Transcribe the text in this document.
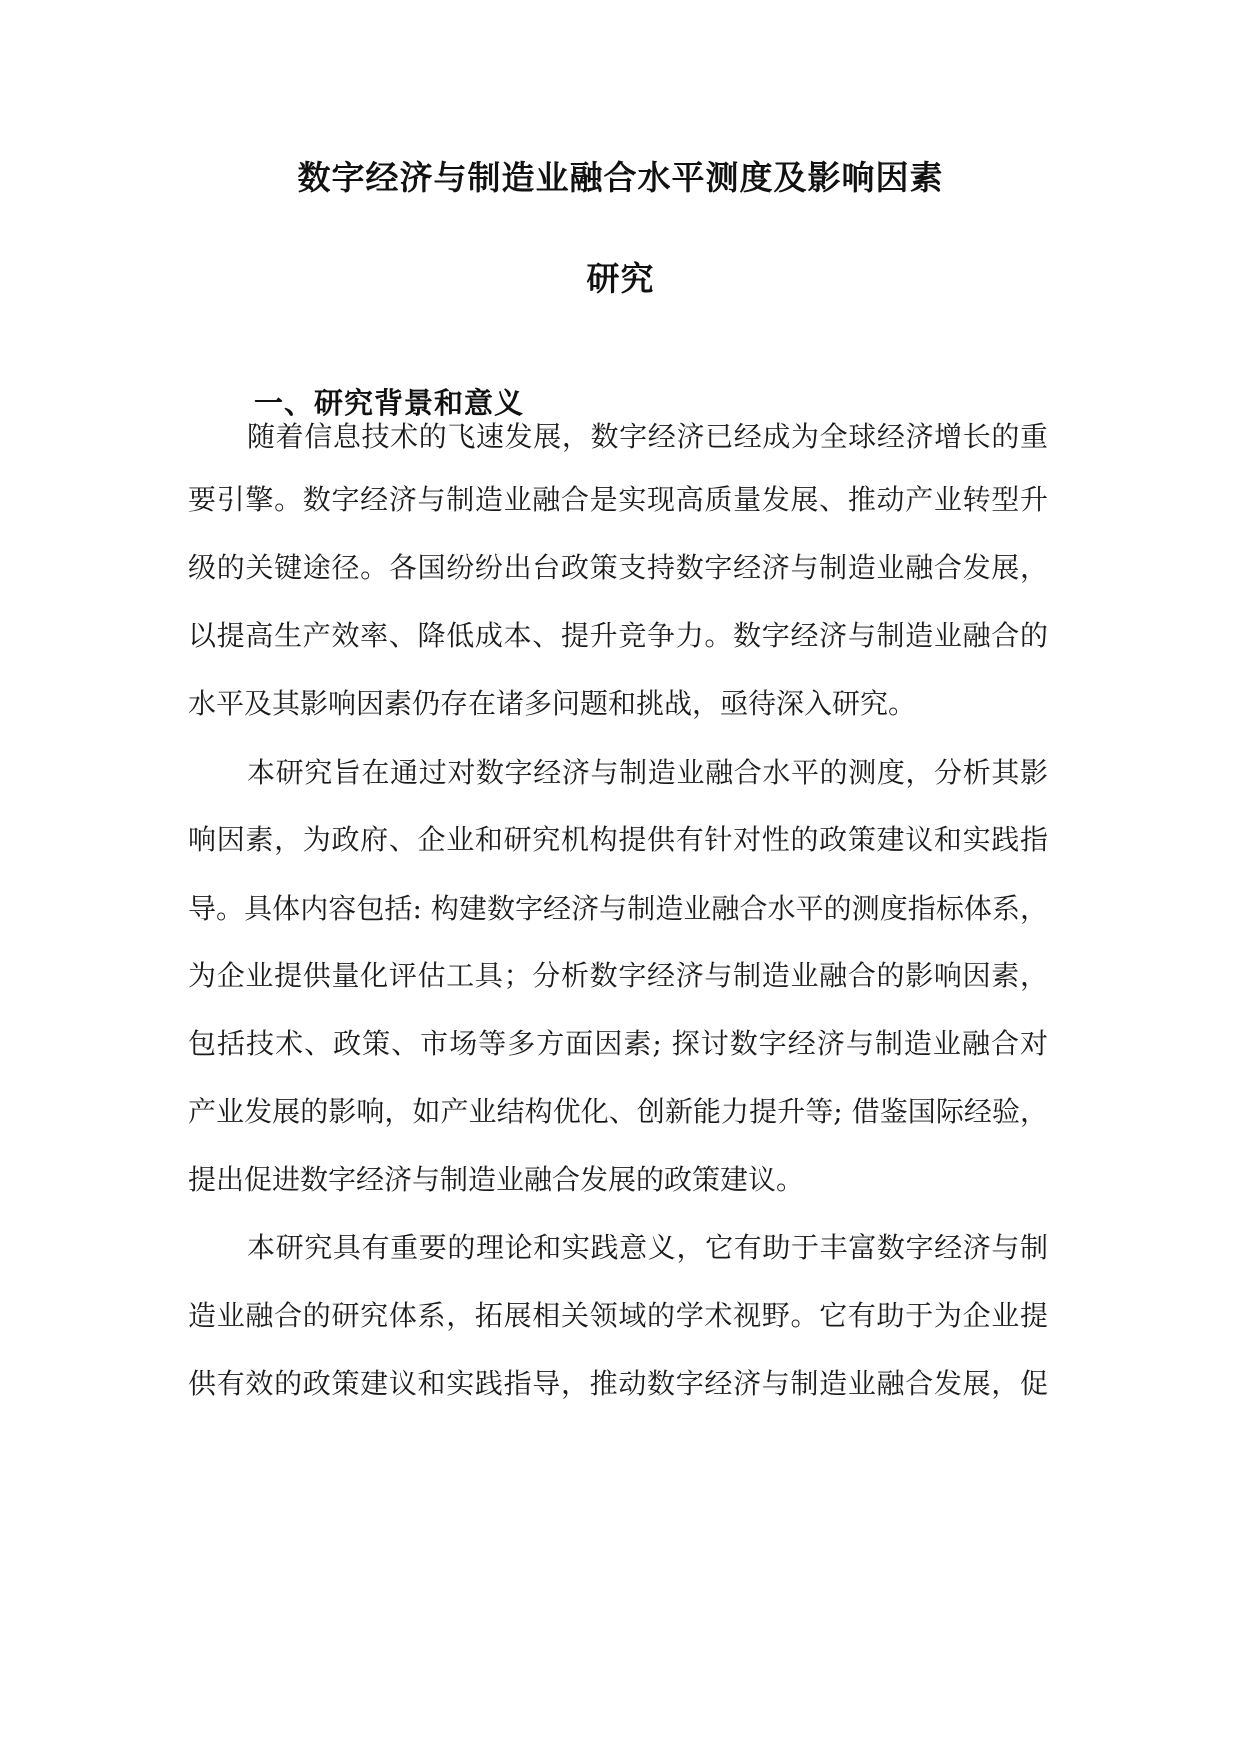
数字经济与制造业融合水平测度及影响因素
研究
一、研究背景和意义
随着信息技术的飞速发展，数字经济已经成为全球经济增长的重
要引擎。数字经济与制造业融合是实现高质量发展、推动产业转型升
级的关键途径。各国纷纷出台政策支持数字经济与制造业融合发展，
以提高生产效率、降低成本、提升竞争力。数字经济与制造业融合的
水平及其影响因素仍存在诸多问题和挑战，亟待深入研究。
本研究旨在通过对数字经济与制造业融合水平的测度，分析其影
响因素，为政府、企业和研究机构提供有针对性的政策建议和实践指
导。具体内容包括: 构建数字经济与制造业融合水平的测度指标体系，
为企业提供量化评估工具；分析数字经济与制造业融合的影响因素，
包括技术、政策、市场等多方面因素; 探讨数字经济与制造业融合对
产业发展的影响，如产业结构优化、创新能力提升等; 借鉴国际经验，
提出促进数字经济与制造业融合发展的政策建议。
本研究具有重要的理论和实践意义，它有助于丰富数字经济与制
造业融合的研究体系，拓展相关领域的学术视野。它有助于为企业提
供有效的政策建议和实践指导，推动数字经济与制造业融合发展，促
